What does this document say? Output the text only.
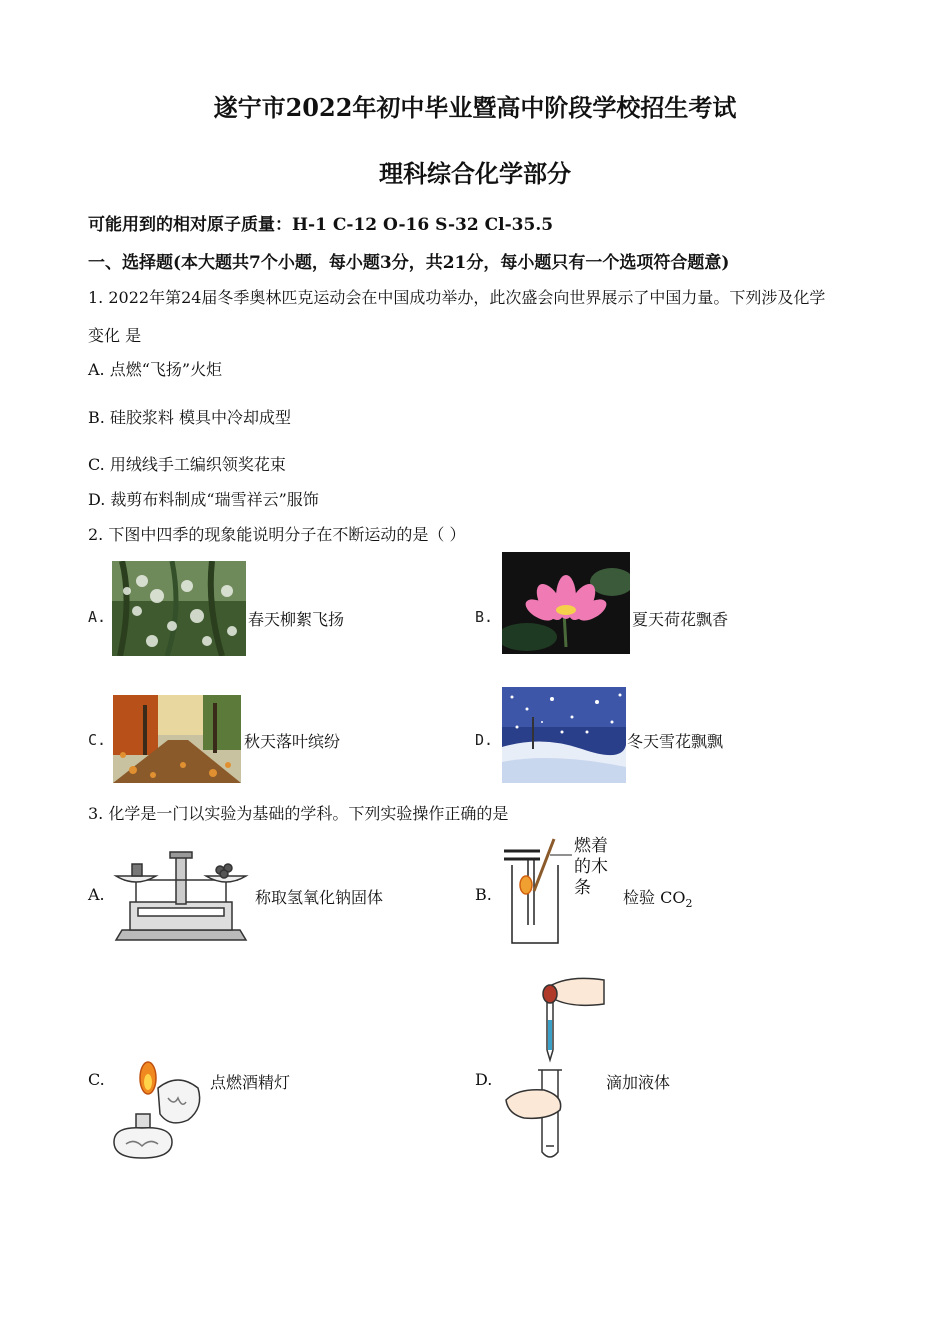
遂宁市2022年初中毕业暨高中阶段学校招生考试
理科综合化学部分
可能用到的相对原子质量：H-1 C-12 O-16 S-32 Cl-35.5
一、选择题(本大题共7个小题，每小题3分，共21分，每小题只有一个选项符合题意)
1. 2022年第24届冬季奥林匹克运动会在中国成功举办，此次盛会向世界展示了中国力量。下列涉及化学
变化 是
A. 点燃“飞扬”火炬
B. 硅胶浆料 模具中冷却成型
C. 用绒线手工编织领奖花束
D. 裁剪布料制成“瑞雪祥云”服饰
2. 下图中四季的现象能说明分子在不断运动的是（ ）
A.	春天柳絮飞扬	B.	夏天荷花飘香
C.	秋天落叶缤纷	D.	冬天雪花飘飘
3. 化学是一门以实验为基础的学科。下列实验操作正确的是
A.	称取氢氧化钠固体	B.
燃着
的木
条	检验 $CO_2$
C.	点燃酒精灯	D.	滴加液体
